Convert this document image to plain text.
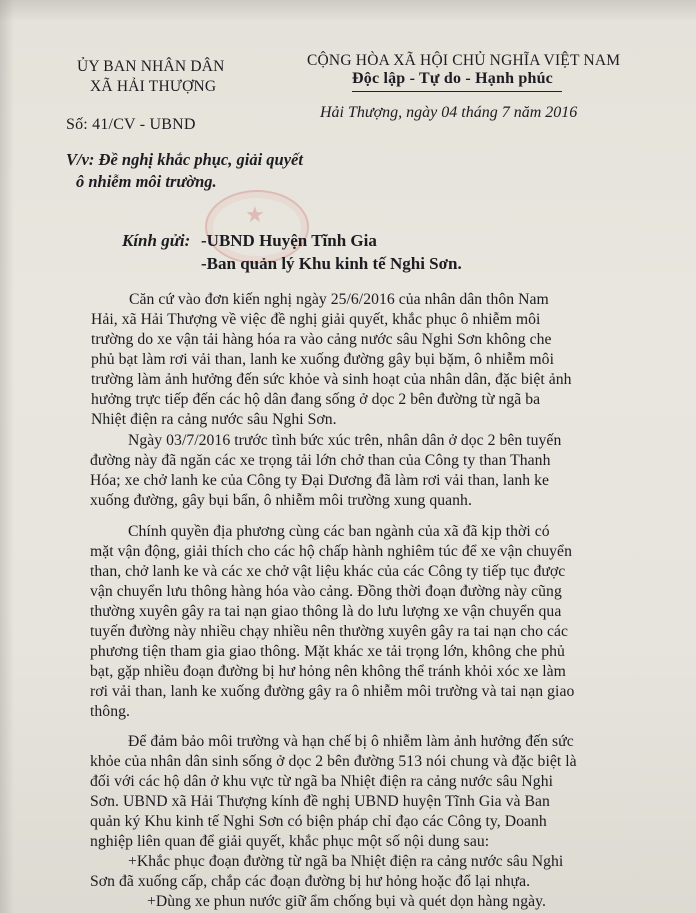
★
ỦY BAN NHÂN DÂN
XÃ HẢI THƯỢNG
Số: 41/CV - UBND
CỘNG HÒA XÃ HỘI CHỦ NGHĨA VIỆT NAM
Độc lập - Tự do - Hạnh phúc
Hải Thượng, ngày 04 tháng 7 năm 2016
V/v: Đề nghị khắc phục, giải quyết
ô nhiễm môi trường.
Kính gửi: -UBND Huyện Tĩnh Gia
-Ban quản lý Khu kinh tế Nghi Sơn.
Căn cứ vào đơn kiến nghị ngày 25/6/2016 của nhân dân thôn Nam
Hải, xã Hải Thượng về việc đề nghị giải quyết, khắc phục ô nhiễm môi
trường do xe vận tải hàng hóa ra vào cảng nước sâu Nghi Sơn không che
phủ bạt làm rơi vải than, lanh ke xuống đường gây bụi bặm, ô nhiễm môi
trường làm ảnh hưởng đến sức khỏe và sinh hoạt của nhân dân, đặc biệt ảnh
hưởng trực tiếp đến các hộ dân đang sống ở dọc 2 bên đường từ ngã ba
Nhiệt điện ra cảng nước sâu Nghi Sơn.
Ngày 03/7/2016 trước tình bức xúc trên, nhân dân ở dọc 2 bên tuyến
đường này đã ngăn các xe trọng tải lớn chở than của Công ty than Thanh
Hóa; xe chở lanh ke của Công ty Đại Dương đã làm rơi vải than, lanh ke
xuống đường, gây bụi bẩn, ô nhiễm môi trường xung quanh.
Chính quyền địa phương cùng các ban ngành của xã đã kịp thời có
mặt vận động, giải thích cho các hộ chấp hành nghiêm túc để xe vận chuyển
than, chở lanh ke và các xe chở vật liệu khác của các Công ty tiếp tục được
vận chuyển lưu thông hàng hóa vào cảng. Đồng thời đoạn đường này cũng
thường xuyên gây ra tai nạn giao thông là do lưu lượng xe vận chuyển qua
tuyến đường này nhiều chạy nhiều nên thường xuyên gây ra tai nạn cho các
phương tiện tham gia giao thông. Mặt khác xe tải trọng lớn, không che phủ
bạt, gặp nhiều đoạn đường bị hư hỏng nên không thể tránh khỏi xóc xe làm
rơi vải than, lanh ke xuống đường gây ra ô nhiễm môi trường và tai nạn giao
thông.
Để đảm bảo môi trường và hạn chế bị ô nhiễm làm ảnh hưởng đến sức
khỏe của nhân dân sinh sống ở dọc 2 bên đường 513 nói chung và đặc biệt là
đối với các hộ dân ở khu vực từ ngã ba Nhiệt điện ra cảng nước sâu Nghi
Sơn. UBND xã Hải Thượng kính đề nghị UBND huyện Tĩnh Gia và Ban
quản ký Khu kinh tế Nghi Sơn có biện pháp chỉ đạo các Công ty, Doanh
nghiệp liên quan để giải quyết, khắc phục một số nội dung sau:
+Khắc phục đoạn đường từ ngã ba Nhiệt điện ra cảng nước sâu Nghi
Sơn đã xuống cấp, chắp các đoạn đường bị hư hỏng hoặc đổ lại nhựa.
+Dùng xe phun nước giữ ẩm chống bụi và quét dọn hàng ngày.
